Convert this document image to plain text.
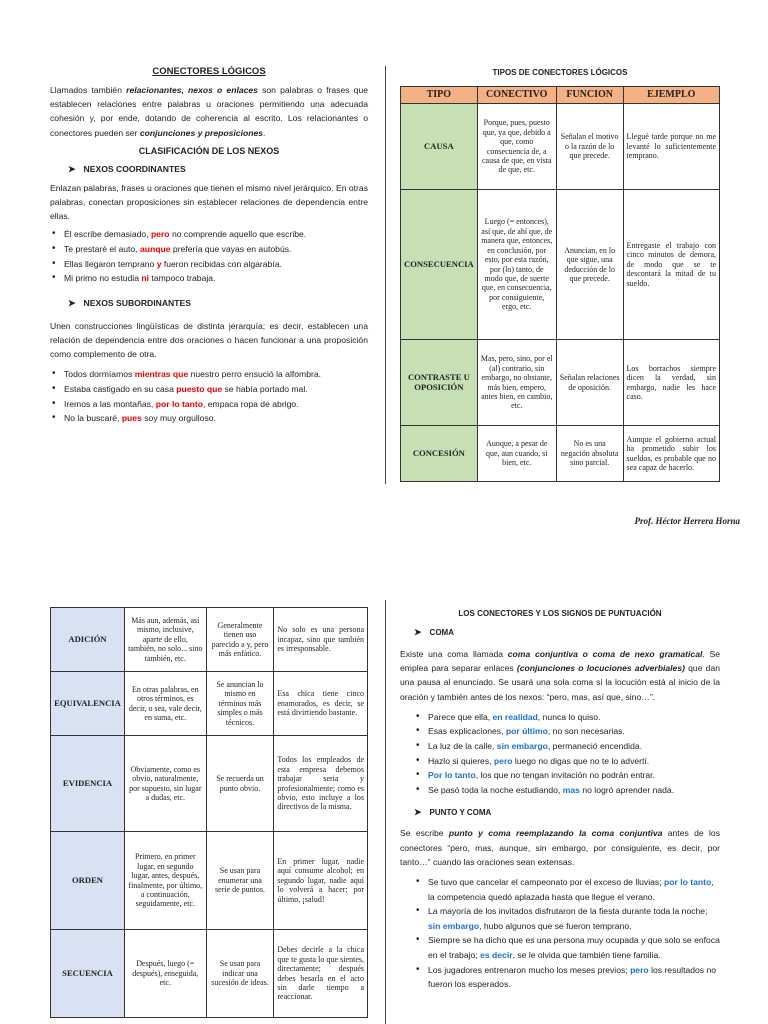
CONECTORES LÓGICOS
Llamados también relacionantes, nexos o enlaces son palabras o frases que establecen relaciones entre palabras u oraciones permitiendo una adecuada cohesión y, por ende, dotando de coherencia al escrito. Los relacionantes o conectores pueden ser conjunciones y preposiciones.
CLASIFICACIÓN DE LOS NEXOS
➤ NEXOS COORDINANTES
Enlazan palabras, frases u oraciones que tienen el mismo nivel jerárquico. En otras palabras, conectan proposiciones sin establecer relaciones de dependencia entre ellas.
• Él escribe demasiado, pero no comprende aquello que escribe.
• Te prestaré el auto, aunque prefería que vayas en autobús.
• Ellas llegaron temprano y fueron recibidas con algarabía.
• Mi primo no estudia ni tampoco trabaja.
➤ NEXOS SUBORDINANTES
Unen construcciones lingüísticas de distinta jerarquía; es decir, establecen una relación de dependencia entre dos oraciones o hacen funcionar a una proposición como complemento de otra.
• Todos dormíamos mientras que nuestro perro ensució la alfombra.
• Estaba castigado en su casa puesto que se había portado mal.
• Iremos a las montañas, por lo tanto, empaca ropa de abrigo.
• No la buscaré, pues soy muy orgulloso.
TIPOS DE CONECTORES LÓGICOS
TIPO	CONECTIVO	FUNCION	EJEMPLO
CAUSA	Porque, pues, puesto que, ya que, debido a que, como consecuencia de, a causa de que, en vista de que, etc.	Señalan el motivo o la razón de lo que precede.	Llegué tarde porque no me levanté lo suficientemente temprano.
CONSECUENCIA	Luego (= entonces), así que, de ahí que, de manera que, entonces, en conclusión, por esto, por esta razón, por (lo) tanto, de modo que, de suerte que, en consecuencia, por consiguiente, ergo, etc.	Anuncian, en lo que sigue, una deducción de lo que precede.	Entregaste el trabajo con cinco minutos de demora, de modo que se te descontará la mitad de tu sueldo.
CONTRASTE U OPOSICIÓN	Mas, pero, sino, por el (al) contrario, sin embargo, no obstante, más bien, empero, antes bien, en cambio, etc.	Señalan relaciones de oposición.	Los borrachos siempre dicen la verdad, sin embargo, nadie les hace caso.
CONCESIÓN	Aunque, a pesar de que, aun cuando, si bien, etc.	No es una negación absoluta sino parcial.	Aunque el gobierno actual ha prometido subir los sueldos, es probable que no sea capaz de hacerlo.
Prof. Héctor Herrera Horna
ADICIÓN	Más aun, además, así mismo, inclusive, aparte de ello, también, no solo... sino también, etc.	Generalmente tienen uso parecido a y, pero más enfático.	No solo es una persona incapaz, sino que también es irresponsable.
EQUIVALENCIA	En otras palabras, en otros términos, es decir, o sea, vale decir, en suma, etc.	Se anuncian lo mismo en términos más simples o más técnicos.	Esa chica tiene cinco enamorados, es decir, se está divirtiendo bastante.
EVIDENCIA	Obviamente, como es obvio, naturalmente, por supuesto, sin lugar a dudas, etc.	Se recuerda un punto obvio.	Todos los empleados de esta empresa debemos trabajar seria y profesionalmente; como es obvio, esto incluye a los directivos de la misma.
ORDEN	Primero, en primer lugar, en segundo lugar, antes, después, finalmente, por último, a continuación, seguidamente, etc.	Se usan para enumerar una serie de puntos.	En primer lugar, nadie aquí consume alcohol; en segundo lugar, nadie aquí lo volverá a hacer; por último, ¡salud!
SECUENCIA	Después, luego (= después), enseguida, etc.	Se usan para indicar una sucesión de ideas.	Debes decirle a la chica que te gusta lo que sientes, directamente; después debes besarla en el acto sin darle tiempo a reaccionar.
LOS CONECTORES Y LOS SIGNOS DE PUNTUACIÓN
➤ COMA
Existe una coma llamada coma conjuntiva o coma de nexo gramatical. Se emplea para separar enlaces (conjunciones o locuciones adverbiales) que dan una pausa al enunciado. Se usará una sola coma si la locución está al inicio de la oración y también antes de los nexos: “pero, mas, así que, sino…”.
• Parece que ella, en realidad, nunca lo quiso.
• Esas explicaciones, por último, no son necesarias.
• La luz de la calle, sin embargo, permaneció encendida.
• Hazlo si quieres, pero luego no digas que no te lo advertí.
• Por lo tanto, los que no tengan invitación no podrán entrar.
• Se pasó toda la noche estudiando, mas no logró aprender nada.
➤ PUNTO Y COMA
Se escribe punto y coma reemplazando la coma conjuntiva antes de los conectores “pero, mas, aunque, sin embargo, por consiguiente, es decir, por tanto…” cuando las oraciones sean extensas.
• Se tuvo que cancelar el campeonato por el exceso de lluvias; por lo tanto, la competencia quedó aplazada hasta que llegue el verano.
• La mayoría de los invitados disfrutaron de la fiesta durante toda la noche; sin embargo, hubo algunos que se fueron temprano.
• Siempre se ha dicho que es una persona muy ocupada y que solo se enfoca en el trabajo; es decir, se le olvida que también tiene familia.
• Los jugadores entrenaron mucho los meses previos; pero los resultados no fueron los esperados.
